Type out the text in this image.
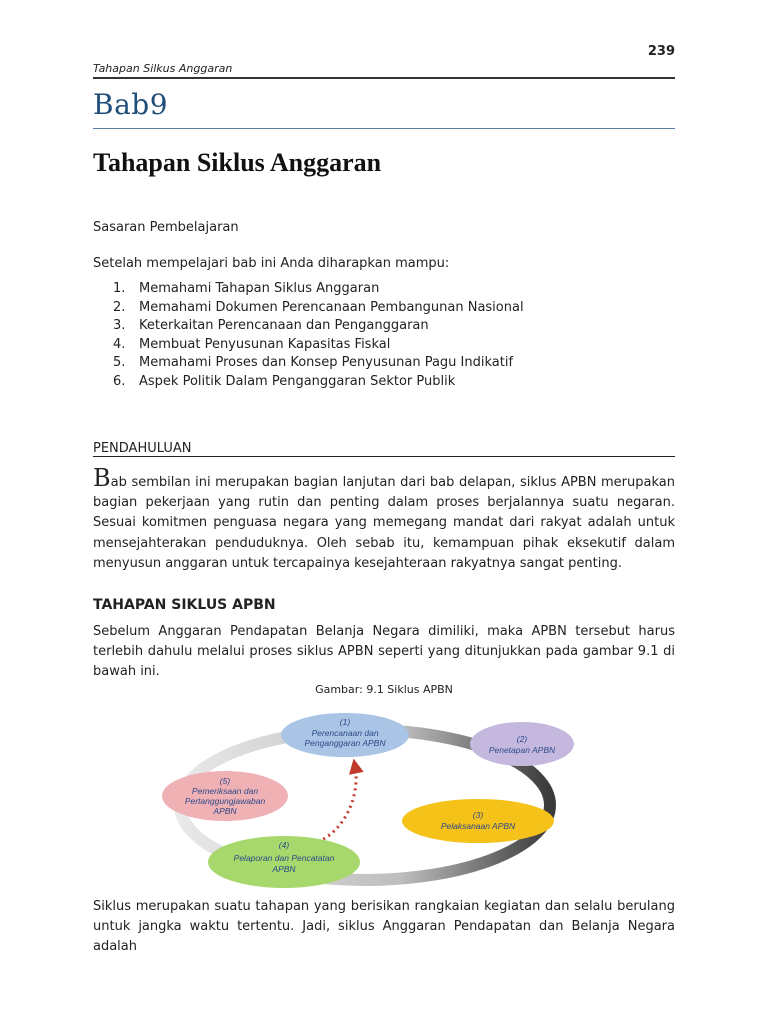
239
Tahapan Silkus Anggaran
Bab9
Tahapan Siklus Anggaran
Sasaran Pembelajaran
Setelah mempelajari bab ini Anda diharapkan mampu:
1. Memahami Tahapan Siklus Anggaran
2. Memahami Dokumen Perencanaan Pembangunan Nasional
3. Keterkaitan Perencanaan dan Penganggaran
4. Membuat Penyusunan Kapasitas Fiskal
5. Memahami Proses dan Konsep Penyusunan Pagu Indikatif
6. Aspek Politik Dalam Penganggaran Sektor Publik
PENDAHULUAN

Bab sembilan ini merupakan bagian lanjutan dari bab delapan, siklus APBN merupakan bagian pekerjaan yang rutin dan penting dalam proses berjalannya suatu negaran. Sesuai komitmen penguasa negara yang memegang mandat dari rakyat adalah untuk mensejahterakan penduduknya. Oleh sebab itu, kemampuan pihak eksekutif dalam menyusun anggaran untuk tercapainya kesejahteraan rakyatnya sangat penting.

TAHAPAN SIKLUS APBN

Sebelum Anggaran Pendapatan Belanja Negara dimiliki, maka APBN tersebut harus terlebih dahulu melalui proses siklus APBN seperti yang ditunjukkan pada gambar 9.1 di bawah ini.

Gambar: 9.1 Siklus APBN
(1)
Perencanaan dan
Penganggaran APBN	(2)
Penetapan APBN
(3)
Pelaksanaan APBN
(4)
Pelaporan dan Pencatatan
APBN
(5)
Pemeriksaan dan
Pertanggungjawaban
APBN

Siklus merupakan suatu tahapan yang berisikan rangkaian kegiatan dan selalu berulang untuk jangka waktu tertentu. Jadi, siklus Anggaran Pendapatan dan Belanja Negara adalah
